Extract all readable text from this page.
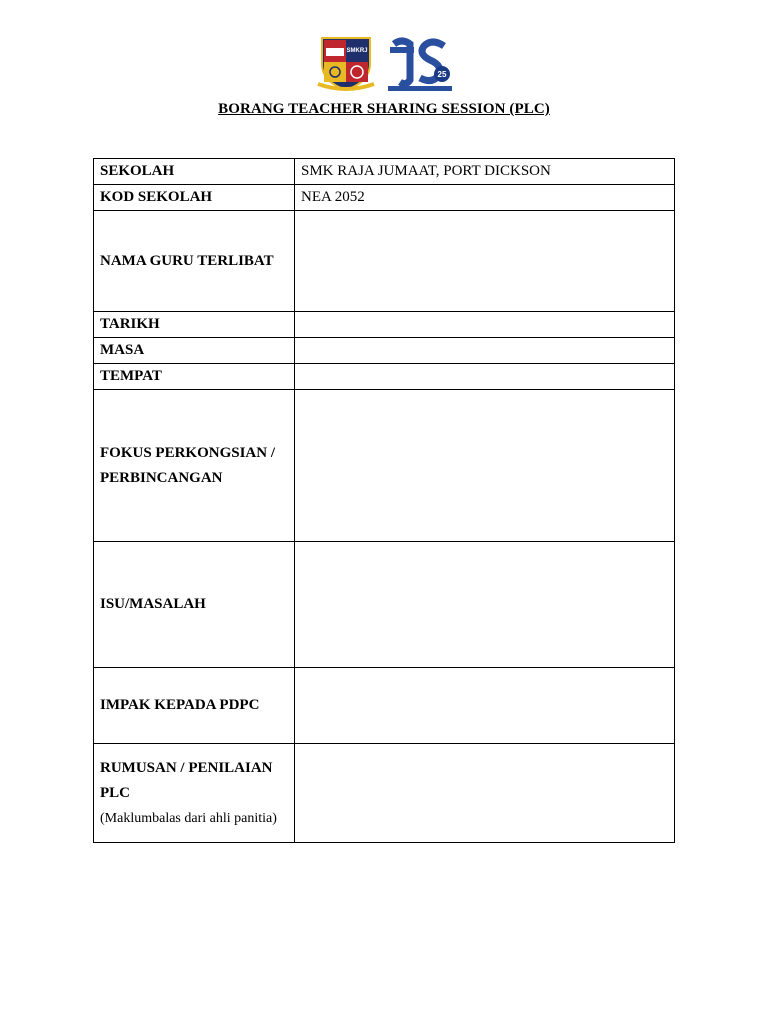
SMKRJ
25
BORANG TEACHER SHARING SESSION (PLC)
SEKOLAH	SMK RAJA JUMAAT, PORT DICKSON
KOD SEKOLAH	NEA 2052
NAMA GURU TERLIBAT	
TARIKH	
MASA	
TEMPAT	
FOKUS PERKONGSIAN / PERBINCANGAN	
ISU/MASALAH	
IMPAK KEPADA PDPC	
RUMUSAN / PENILAIAN PLC
(Maklumbalas dari ahli panitia)	
